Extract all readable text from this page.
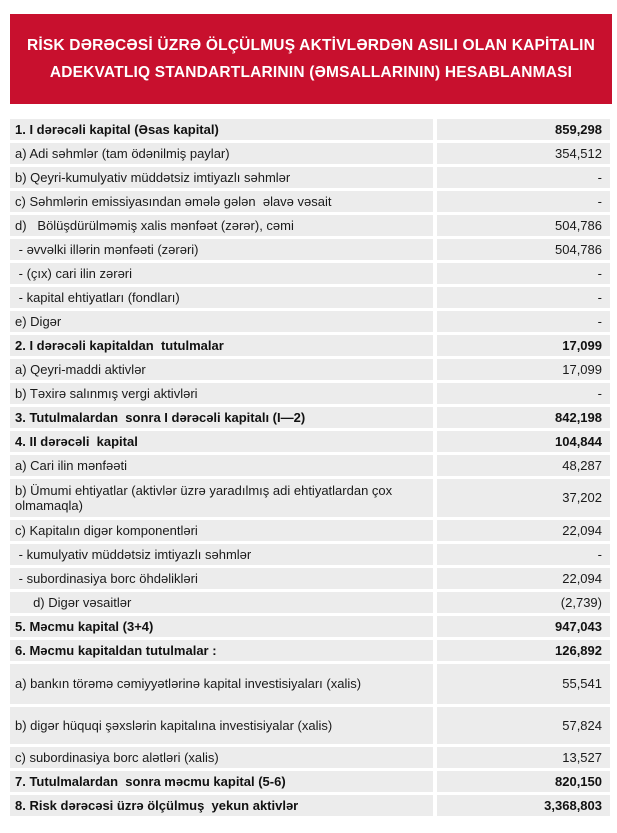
RİSK DƏRƏCƏSİ ÜZRƏ ÖLÇÜLMUŞ AKTİVLƏRDƏN ASILI OLAN KAPİTALIN
ADEKVATLIQ STANDARTLARININ (ƏMSALLARININ) HESABLANMASI
1. I dərəcəli kapital (Əsas kapital)	859,298
a) Adi səhmlər (tam ödənilmiş paylar)	354,512
b) Qeyri-kumulyativ müddətsiz imtiyazlı səhmlər	-
c) Səhmlərin emissiyasından əmələ gələn  əlavə vəsait	-
d)   Bölüşdürülməmiş xalis mənfəət (zərər), cəmi	504,786
- əvvəlki illərin mənfəəti (zərəri)	504,786
- (çıx) cari ilin zərəri	-
- kapital ehtiyatları (fondları)	-
e) Digər	-
2. I dərəcəli kapitaldan  tutulmalar	17,099
a) Qeyri-maddi aktivlər	17,099
b) Təxirə salınmış vergi aktivləri	-
3. Tutulmalardan  sonra I dərəcəli kapitalı (I—2)	842,198
4. II dərəcəli  kapital	104,844
a) Cari ilin mənfəəti	48,287
b) Ümumi ehtiyatlar (aktivlər üzrə yaradılmış adi ehtiyatlardan çox olmamaqla)
37,202
c) Kapitalın digər komponentləri	22,094
- kumulyativ müddətsiz imtiyazlı səhmlər	-
- subordinasiya borc öhdəlikləri	22,094
d) Digər vəsaitlər	(2,739)
5. Məcmu kapital (3+4)	947,043
6. Məcmu kapitaldan tutulmalar :	126,892
a) bankın törəmə cəmiyyətlərinə kapital investisiyaları (xalis)	55,541
b) digər hüquqi şəxslərin kapitalına investisiyalar (xalis)	57,824
c) subordinasiya borc alətləri (xalis)	13,527
7. Tutulmalardan  sonra məcmu kapital (5-6)	820,150
8. Risk dərəcəsi üzrə ölçülmuş  yekun aktivlər	3,368,803
